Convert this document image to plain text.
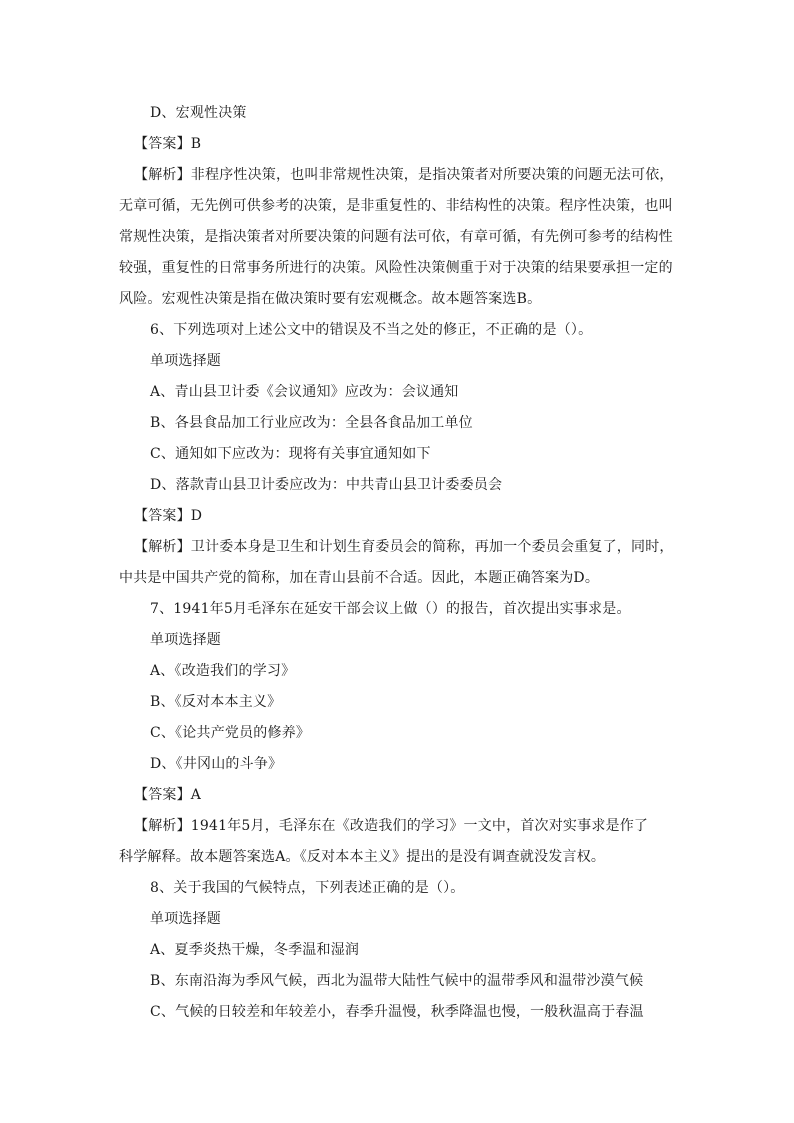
D、宏观性决策
【答案】B
【解析】非程序性决策，也叫非常规性决策，是指决策者对所要决策的问题无法可依，
无章可循，无先例可供参考的决策，是非重复性的、非结构性的决策。程序性决策，也叫
常规性决策，是指决策者对所要决策的问题有法可依，有章可循，有先例可参考的结构性
较强，重复性的日常事务所进行的决策。风险性决策侧重于对于决策的结果要承担一定的
风险。宏观性决策是指在做决策时要有宏观概念。故本题答案选B。
6、下列选项对上述公文中的错误及不当之处的修正，不正确的是（）。
单项选择题
A、青山县卫计委《会议通知》应改为：会议通知
B、各县食品加工行业应改为：全县各食品加工单位
C、通知如下应改为：现将有关事宜通知如下
D、落款青山县卫计委应改为：中共青山县卫计委委员会
【答案】D
【解析】卫计委本身是卫生和计划生育委员会的简称，再加一个委员会重复了，同时，
中共是中国共产党的简称，加在青山县前不合适。因此，本题正确答案为D。
7、1941年5月毛泽东在延安干部会议上做（）的报告，首次提出实事求是。
单项选择题
A、《改造我们的学习》
B、《反对本本主义》
C、《论共产党员的修养》
D、《井冈山的斗争》
【答案】A
【解析】1941年5月，毛泽东在《改造我们的学习》一文中，首次对实事求是作了
科学解释。故本题答案选A。《反对本本主义》提出的是没有调查就没发言权。
8、关于我国的气候特点，下列表述正确的是（）。
单项选择题
A、夏季炎热干燥，冬季温和湿润
B、东南沿海为季风气候，西北为温带大陆性气候中的温带季风和温带沙漠气候
C、气候的日较差和年较差小，春季升温慢，秋季降温也慢，一般秋温高于春温
